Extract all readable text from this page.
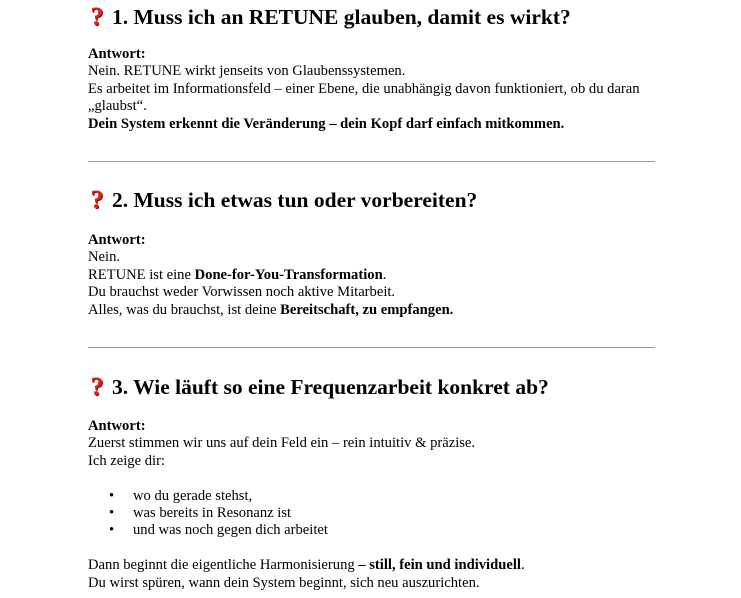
? 1. Muss ich an RETUNE glauben, damit es wirkt?

Antwort:

Nein. RETUNE wirkt jenseits von Glaubenssystemen.

Es arbeitet im Informationsfeld – einer Ebene, die unabhängig davon funktioniert, ob du daran

„glaubst“.

Dein System erkennt die Veränderung – dein Kopf darf einfach mitkommen.

? 2. Muss ich etwas tun oder vorbereiten?

Antwort:

Nein.

RETUNE ist eine Done-for-You-Transformation.

Du brauchst weder Vorwissen noch aktive Mitarbeit.

Alles, was du brauchst, ist deine Bereitschaft, zu empfangen.

? 3. Wie läuft so eine Frequenzarbeit konkret ab?

Antwort:

Zuerst stimmen wir uns auf dein Feld ein – rein intuitiv & präzise.

Ich zeige dir:

• wo du gerade stehst,
• was bereits in Resonanz ist
• und was noch gegen dich arbeitet

Dann beginnt die eigentliche Harmonisierung – still, fein und individuell.

Du wirst spüren, wann dein System beginnt, sich neu auszurichten.
